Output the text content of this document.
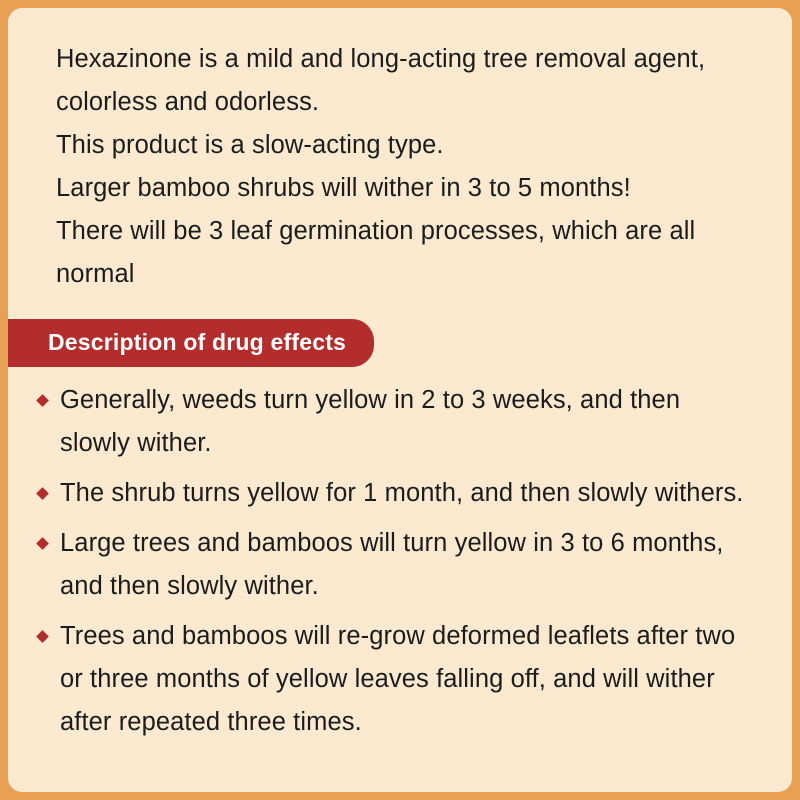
Hexazinone is a mild and long-acting tree removal agent, colorless and odorless.

This product is a slow-acting type.

Larger bamboo shrubs will wither in 3 to 5 months!

There will be 3 leaf germination processes, which are all normal

Description of drug effects
Generally, weeds turn yellow in 2 to 3 weeks, and then slowly wither.
The shrub turns yellow for 1 month, and then slowly withers.
Large trees and bamboos will turn yellow in 3 to 6 months, and then slowly wither.
Trees and bamboos will re-grow deformed leaflets after two or three months of yellow leaves falling off, and will wither after repeated three times.
